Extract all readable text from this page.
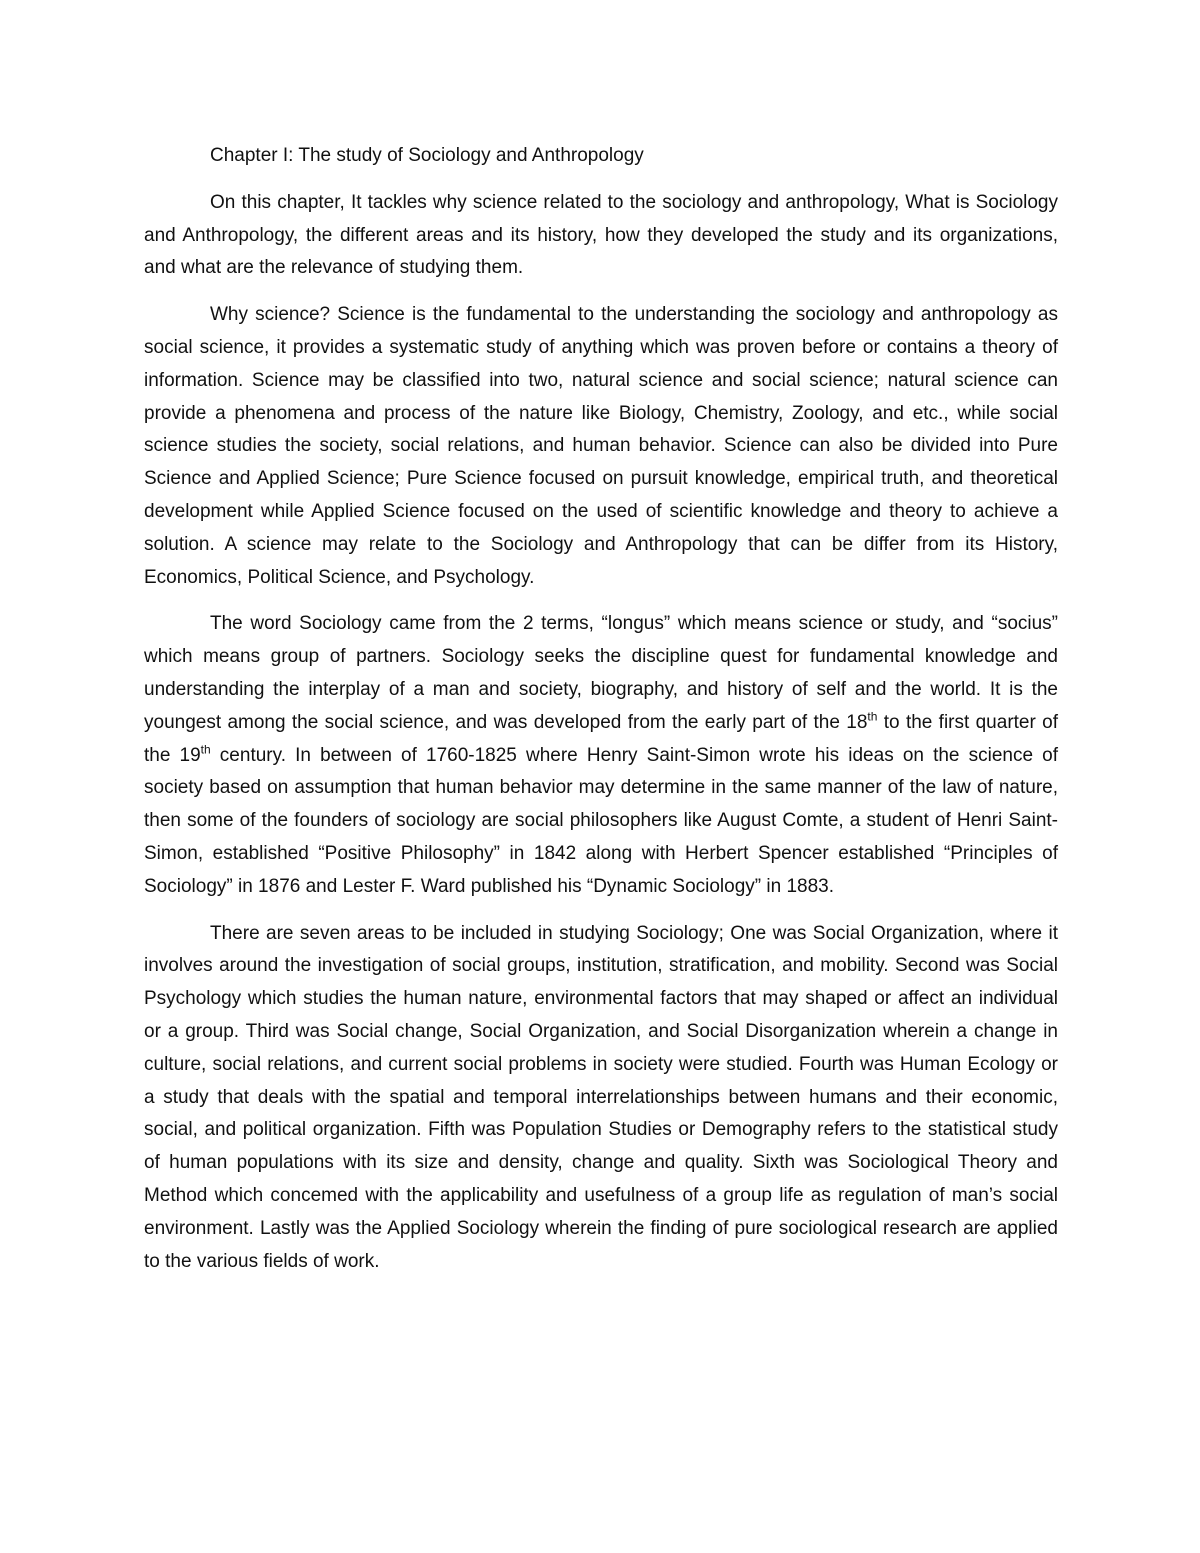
Chapter I: The study of Sociology and Anthropology

On this chapter, It tackles why science related to the sociology and anthropology, What is Sociology and Anthropology, the different areas and its history, how they developed the study and its organizations, and what are the relevance of studying them.

Why science? Science is the fundamental to the understanding the sociology and anthropology as social science, it provides a systematic study of anything which was proven before or contains a theory of information. Science may be classified into two, natural science and social science; natural science can provide a phenomena and process of the nature like Biology, Chemistry, Zoology, and etc., while social science studies the society, social relations, and human behavior. Science can also be divided into Pure Science and Applied Science; Pure Science focused on pursuit knowledge, empirical truth, and theoretical development while Applied Science focused on the used of scientific knowledge and theory to achieve a solution. A science may relate to the Sociology and Anthropology that can be differ from its History, Economics, Political Science, and Psychology.

The word Sociology came from the 2 terms, “longus” which means science or study, and “socius” which means group of partners. Sociology seeks the discipline quest for fundamental knowledge and understanding the interplay of a man and society, biography, and history of self and the world. It is the youngest among the social science, and was developed from the early part of the 18th to the first quarter of the 19th century. In between of 1760-1825 where Henry Saint-Simon wrote his ideas on the science of society based on assumption that human behavior may determine in the same manner of the law of nature, then some of the founders of sociology are social philosophers like August Comte, a student of Henri Saint-Simon, established “Positive Philosophy” in 1842 along with Herbert Spencer established “Principles of Sociology” in 1876 and Lester F. Ward published his “Dynamic Sociology” in 1883.

There are seven areas to be included in studying Sociology; One was Social Organization, where it involves around the investigation of social groups, institution, stratification, and mobility. Second was Social Psychology which studies the human nature, environmental factors that may shaped or affect an individual or a group. Third was Social change, Social Organization, and Social Disorganization wherein a change in culture, social relations, and current social problems in society were studied. Fourth was Human Ecology or a study that deals with the spatial and temporal interrelationships between humans and their economic, social, and political organization. Fifth was Population Studies or Demography refers to the statistical study of human populations with its size and density, change and quality. Sixth was Sociological Theory and Method which concemed with the applicability and usefulness of a group life as regulation of man’s social environment. Lastly was the Applied Sociology wherein the finding of pure sociological research are applied to the various fields of work.
